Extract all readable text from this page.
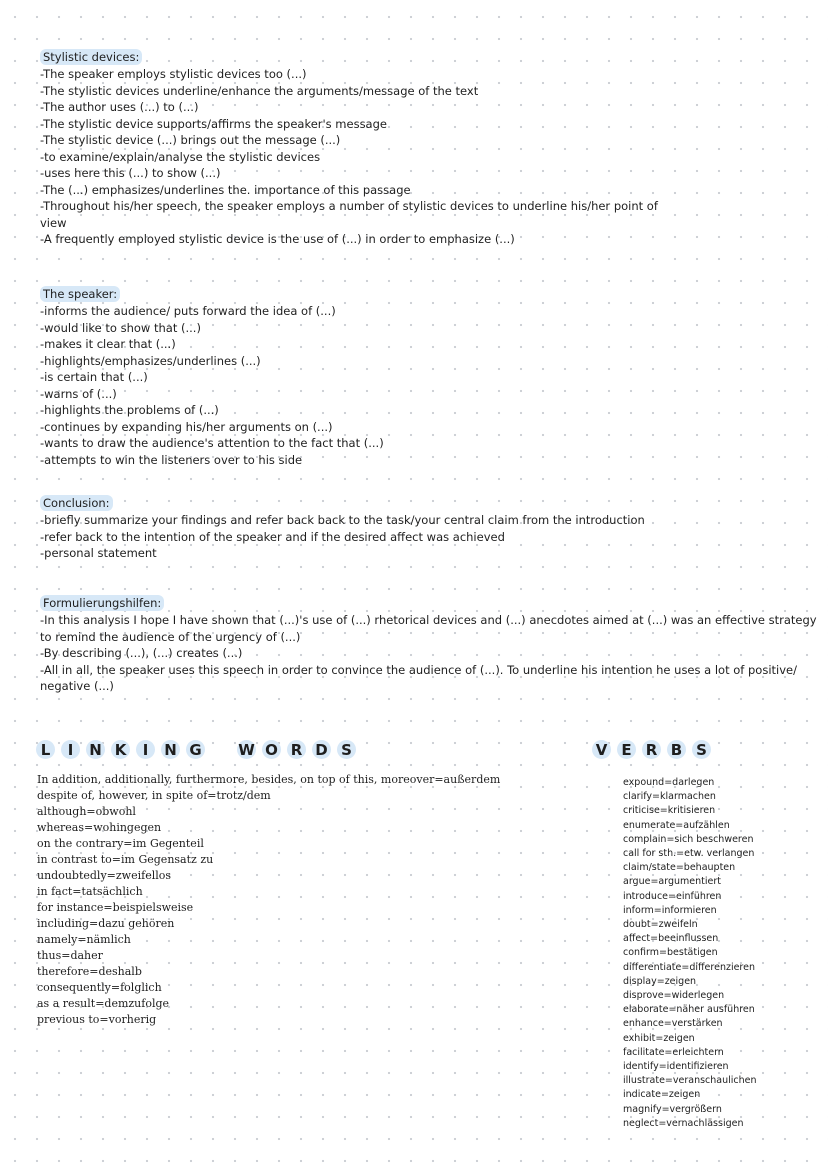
Stylistic devices:
-The speaker employs stylistic devices too (...)
-The stylistic devices underline/enhance the arguments/message of the text
-The author uses (...) to (...)
-The stylistic device supports/affirms the speaker's message
-The stylistic device (...) brings out the message (...)
-to examine/explain/analyse the stylistic devices
-uses here this (...) to show (...)
-The (...) emphasizes/underlines the. importance of this passage
-Throughout his/her speech, the speaker employs a number of stylistic devices to underline his/her point of
view
-A frequently employed stylistic device is the use of (...) in order to emphasize (...)
The speaker:
-informs the audience/ puts forward the idea of (...)
-would like to show that (...)
-makes it clear that (...)
-highlights/emphasizes/underlines (...)
-is certain that (...)
-warns of (...)
-highlights the problems of (...)
-continues by expanding his/her arguments on (...)
-wants to draw the audience's attention to the fact that (...)
-attempts to win the listeners over to his side
Conclusion:
-briefly summarize your findings and refer back back to the task/your central claim from the introduction
-refer back to the intention of the speaker and if the desired affect was achieved
-personal statement
Formulierungshilfen:
-In this analysis I hope I have shown that (...)'s use of (...) rhetorical devices and (...) anecdotes aimed at (...) was an effective strategy
to remind the audience of the urgency of (...)
-By describing (...), (...) creates (...)
-All in all, the speaker uses this speech in order to convince the audience of (...). To underline his intention he uses a lot of positive/
negative (...)
L	I	N K	I	N G W O R D S	V E R B S
In addition, additionally, furthermore, besides, on top of this, moreover=außerdem
despite of, however, in spite of=trotz/dem
although=obwohl
whereas=wohingegen
on the contrary=im Gegenteil
in contrast to=im Gegensatz zu
undoubtedly=zweifellos
in fact=tatsächlich
for instance=beispielsweise
including=dazu gehören
namely=nämlich
thus=daher
therefore=deshalb
consequently=folglich
as a result=demzufolge
previous to=vorherig
expound=darlegen
clarify=klarmachen
criticise=kritisieren
enumerate=aufzählen
complain=sich beschweren
call for sth.=etw. verlangen
claim/state=behaupten
argue=argumentiert
introduce=einführen
inform=informieren
doubt=zweifeln
affect=beeinflussen
confirm=bestätigen
differentiate=differenzieren
display=zeigen
disprove=widerlegen
elaborate=näher ausführen
enhance=verstärken
exhibit=zeigen
facilitate=erleichtern
identify=identifizieren
illustrate=veranschaulichen
indicate=zeigen
magnify=vergrößern
neglect=vernachlässigen
